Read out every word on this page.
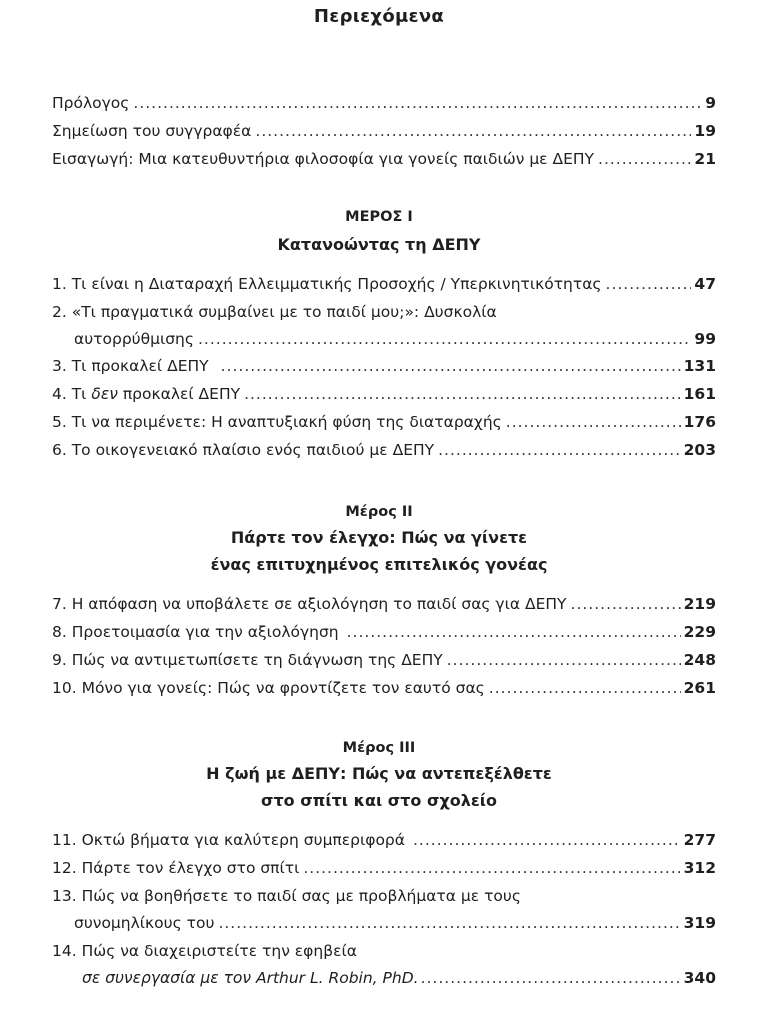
Περιεχόμενα
Πρόλογος .....	9
Σημείωση του συγγραφέα .....	19
Εισαγωγή: Μια κατευθυντήρια φιλοσοφία για γονείς παιδιών με ΔΕΠΥ .....	21
ΜΕΡΟΣ Ι
Κατανοώντας τη ΔΕΠΥ
1. Τι είναι η Διαταραχή Ελλειμματικής Προσοχής / Υπερκινητικότητας .....	47
2. «Τι πραγματικά συμβαίνει με το παιδί μου;»: Δυσκολία
αυτορρύθμισης .....	99
3. Τι προκαλεί ΔΕΠΥ .....	131
4. Τι δεν προκαλεί ΔΕΠΥ .....	161
5. Τι να περιμένετε: Η αναπτυξιακή φύση της διαταραχής .....	176
6. Το οικογενειακό πλαίσιο ενός παιδιού με ΔΕΠΥ .....	203
Μέρος ΙΙ
Πάρτε τον έλεγχο: Πώς να γίνετε
ένας επιτυχημένος επιτελικός γονέας
7. Η απόφαση να υποβάλετε σε αξιολόγηση το παιδί σας για ΔΕΠΥ .....	219
8. Προετοιμασία για την αξιολόγηση .....	229
9. Πώς να αντιμετωπίσετε τη διάγνωση της ΔΕΠΥ .....	248
10. Μόνο για γονείς: Πώς να φροντίζετε τον εαυτό σας .....	261
Μέρος ΙΙΙ
Η ζωή με ΔΕΠΥ: Πώς να αντεπεξέλθετε
στο σπίτι και στο σχολείο
11. Οκτώ βήματα για καλύτερη συμπεριφορά .....	277
12. Πάρτε τον έλεγχο στο σπίτι .....	312
13. Πώς να βοηθήσετε το παιδί σας με προβλήματα με τους
συνομηλίκους του .....	319
14. Πώς να διαχειριστείτε την εφηβεία
σε συνεργασία με τον Arthur L. Robin, PhD. .....	340
